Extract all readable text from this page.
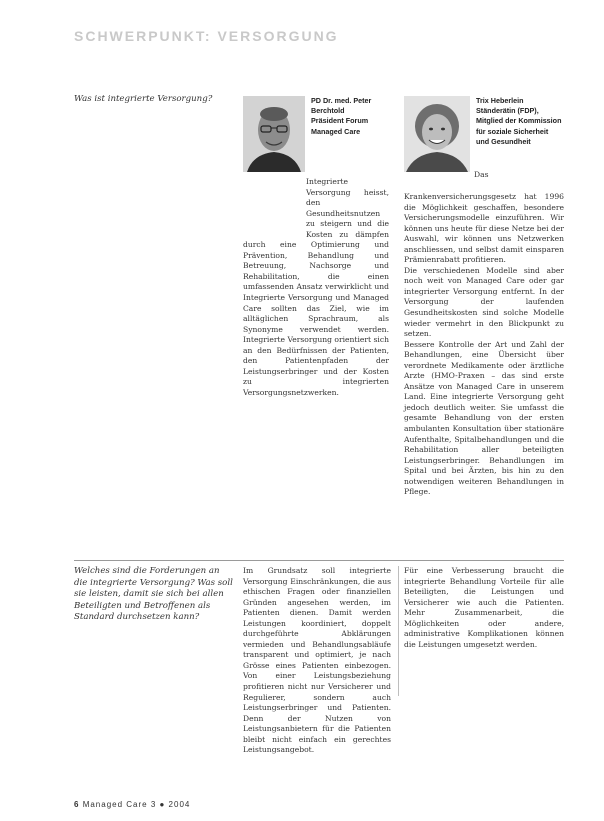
SCHWERPUNKT: VERSORGUNG
Was ist integrierte Versorgung?	PD Dr. med. Peter Berchtold
Präsident Forum Managed Care

Integrierte Versorgung heisst, den Gesundheitsnutzen zu steigern und die Kosten zu dämpfen durch eine Optimierung und Prävention, Behandlung und Betreuung, Nachsorge und Rehabilitation, die einen umfassenden Ansatz verwirklicht und Integrierte Versorgung und Managed Care sollten das Ziel, wie im alltäglichen Sprachraum, als Synonyme verwendet werden. Integrierte Versorgung orientiert sich an den Bedürfnissen der Patienten, den Patientenpfaden der Leistungserbringer und der Kosten zu integrierten Versorgungsnetzwerken.

Trix Heberlein
Ständerätin (FDP), Mitglied der Kommission für soziale Sicherheit und Gesundheit

Das Krankenversicherungsgesetz hat 1996 die Möglichkeit geschaffen, besondere Versicherungsmodelle einzuführen. Wir können uns heute für diese Netze bei der Auswahl, wir können uns Netzwerken anschliessen, und selbst damit einsparen Prämienrabatt profitieren.

Die verschiedenen Modelle sind aber noch weit von Managed Care oder gar integrierter Versorgung entfernt. In der Versorgung der laufenden Gesundheitskosten sind solche Modelle wieder vermehrt in den Blickpunkt zu setzen.

Bessere Kontrolle der Art und Zahl der Behandlungen, eine Übersicht über verordnete Medikamente oder ärztliche Arzte (HMO-Praxen – das sind erste Ansätze von Managed Care in unserem Land. Eine integrierte Versorgung geht jedoch deutlich weiter. Sie umfasst die gesamte Behandlung von der ersten ambulanten Konsultation über stationäre Aufenthalte, Spitalbehandlungen und die Rehabilitation aller beteiligten Leistungserbringer. Behandlungen im Spital und bei Ärzten, bis hin zu den notwendigen weiteren Behandlungen in Pflege.

Welches sind die Forderungen an die integrierte Versorgung? Was soll sie leisten, damit sie sich bei allen Beteiligten und Betroffenen als Standard durchsetzen kann?

Im Grundsatz soll integrierte Versorgung Einschränkungen, die aus ethischen Fragen oder finanziellen Gründen angesehen werden, im Patienten dienen. Damit werden Leistungen koordiniert, doppelt durchgeführte Abklärungen vermieden und Behandlungsabläufe transparent und optimiert, je nach Grösse eines Patienten einbezogen. Von einer Leistungsbeziehung profitieren nicht nur Versicherer und Regulierer, sondern auch Leistungserbringer und Patienten. Denn der Nutzen von Leistungsanbietern für die Patienten bleibt nicht einfach ein gerechtes Leistungsangebot.

Für eine Verbesserung braucht die integrierte Behandlung Vorteile für alle Beteiligten, die Leistungen und Versicherer wie auch die Patienten. Mehr Zusammenarbeit, die Möglichkeiten oder andere, administrative Komplikationen können die Leistungen umgesetzt werden.

6 Managed Care 3 ● 2004
